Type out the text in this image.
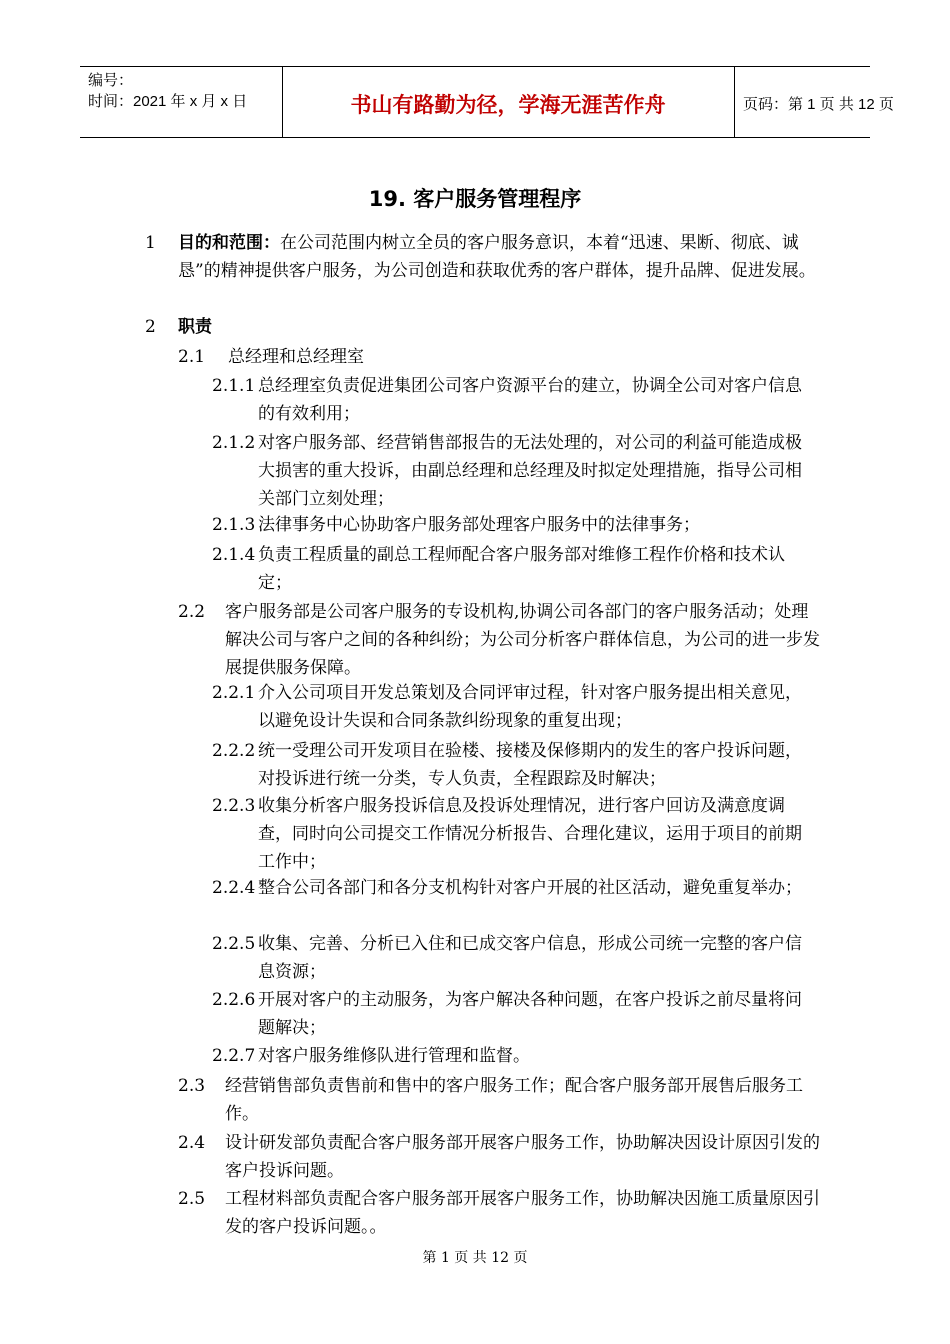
编号：
时间：2021 年 x 月 x 日	书山有路勤为径，学海无涯苦作舟	页码：第 1 页 共 12 页
19. 客户服务管理程序
1 目的和范围：在公司范围内树立全员的客户服务意识，本着“迅速、果断、彻底、诚恳”的精神提供客户服务，为公司创造和获取优秀的客户群体，提升品牌、促进发展。
2 职责
2.1 总经理和总经理室
2.1.1 总经理室负责促进集团公司客户资源平台的建立，协调全公司对客户信息的有效利用；
2.1.2 对客户服务部、经营销售部报告的无法处理的，对公司的利益可能造成极大损害的重大投诉，由副总经理和总经理及时拟定处理措施，指导公司相关部门立刻处理；
2.1.3 法律事务中心协助客户服务部处理客户服务中的法律事务；
2.1.4 负责工程质量的副总工程师配合客户服务部对维修工程作价格和技术认定；
2.2 客户服务部是公司客户服务的专设机构,协调公司各部门的客户服务活动；处理解决公司与客户之间的各种纠纷；为公司分析客户群体信息，为公司的进一步发展提供服务保障。
2.2.1 介入公司项目开发总策划及合同评审过程，针对客户服务提出相关意见，以避免设计失误和合同条款纠纷现象的重复出现；
2.2.2 统一受理公司开发项目在验楼、接楼及保修期内的发生的客户投诉问题，对投诉进行统一分类，专人负责，全程跟踪及时解决；
2.2.3 收集分析客户服务投诉信息及投诉处理情况，进行客户回访及满意度调查，同时向公司提交工作情况分析报告、合理化建议，运用于项目的前期工作中；
2.2.4 整合公司各部门和各分支机构针对客户开展的社区活动，避免重复举办；
2.2.5 收集、完善、分析已入住和已成交客户信息，形成公司统一完整的客户信息资源；
2.2.6 开展对客户的主动服务，为客户解决各种问题，在客户投诉之前尽量将问题解决；
2.2.7 对客户服务维修队进行管理和监督。
2.3 经营销售部负责售前和售中的客户服务工作；配合客户服务部开展售后服务工作。
2.4 设计研发部负责配合客户服务部开展客户服务工作，协助解决因设计原因引发的客户投诉问题。
2.5 工程材料部负责配合客户服务部开展客户服务工作，协助解决因施工质量原因引发的客户投诉问题。。
第 1 页 共 12 页
